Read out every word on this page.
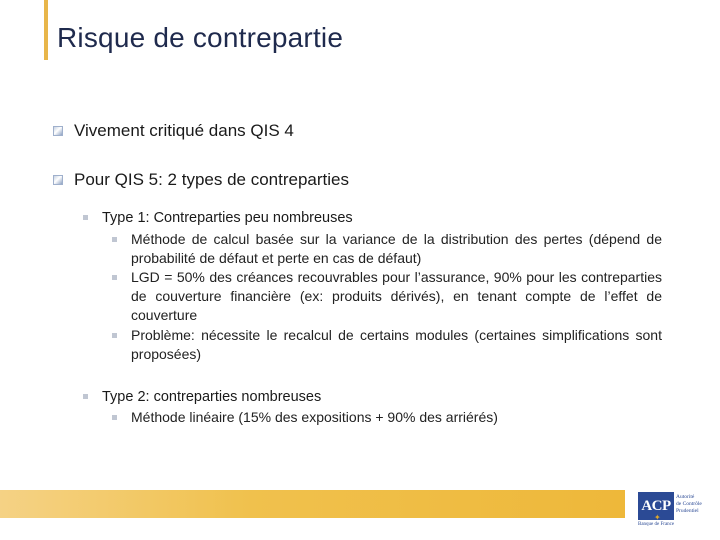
Risque de contrepartie
Vivement critiqué dans QIS 4
Pour QIS 5: 2 types de contreparties
Type 1: Contreparties peu nombreuses
Méthode de calcul basée sur la variance de la distribution des pertes (dépend de probabilité de défaut et perte en cas de défaut)
LGD = 50% des créances recouvrables pour l’assurance, 90% pour les contreparties de couverture financière (ex: produits dérivés), en tenant compte de l’effet de couverture
Problème: nécessite le recalcul de certains modules (certaines simplifications sont proposées)
Type 2: contreparties nombreuses
Méthode linéaire (15% des expositions + 90% des arriérés)
ACP
Autorité
de Contrôle
Prudentiel
✦
Banque de France
